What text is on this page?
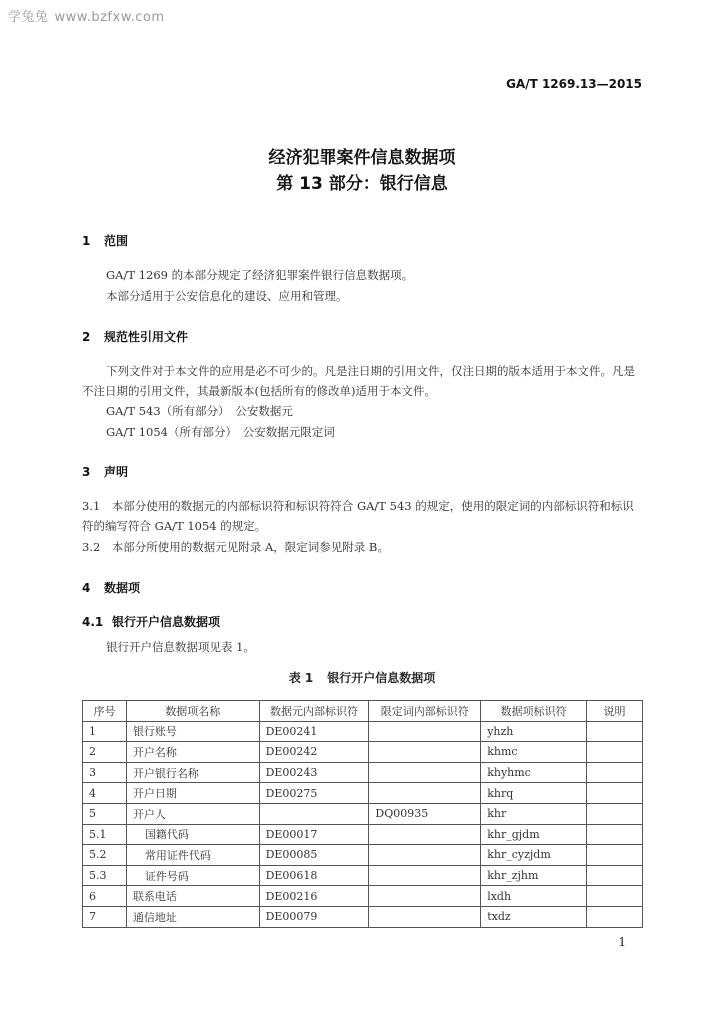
学兔兔 www.bzfxw.com
GA/T 1269.13—2015
经济犯罪案件信息数据项
第 13 部分：银行信息
1 范围
GA/T 1269 的本部分规定了经济犯罪案件银行信息数据项。
本部分适用于公安信息化的建设、应用和管理。
2 规范性引用文件
下列文件对于本文件的应用是必不可少的。凡是注日期的引用文件，仅注日期的版本适用于本文件。凡是不注日期的引用文件，其最新版本(包括所有的修改单)适用于本文件。
GA/T 543（所有部分）　公安数据元
GA/T 1054（所有部分）　公安数据元限定词
3 声明
3.1　本部分使用的数据元的内部标识符和标识符符合 GA/T 543 的规定，使用的限定词的内部标识符和标识符的编写符合 GA/T 1054 的规定。
3.2　本部分所使用的数据元见附录 A，限定词参见附录 B。
4 数据项
4.1 银行开户信息数据项
银行开户信息数据项见表 1。
表 1 银行开户信息数据项
序号	数据项名称	数据元内部标识符	限定词内部标识符	数据项标识符	说明
1	银行账号	DE00241		yhzh	
2	开户名称	DE00242		khmc	
3	开户银行名称	DE00243		khyhmc	
4	开户日期	DE00275		khrq	
5	开户人		DQ00935	khr	
5.1	国籍代码	DE00017		khr_gjdm	
5.2	常用证件代码	DE00085		khr_cyzjdm	
5.3	证件号码	DE00618		khr_zjhm	
6	联系电话	DE00216		lxdh	
7	通信地址	DE00079		txdz	
1
